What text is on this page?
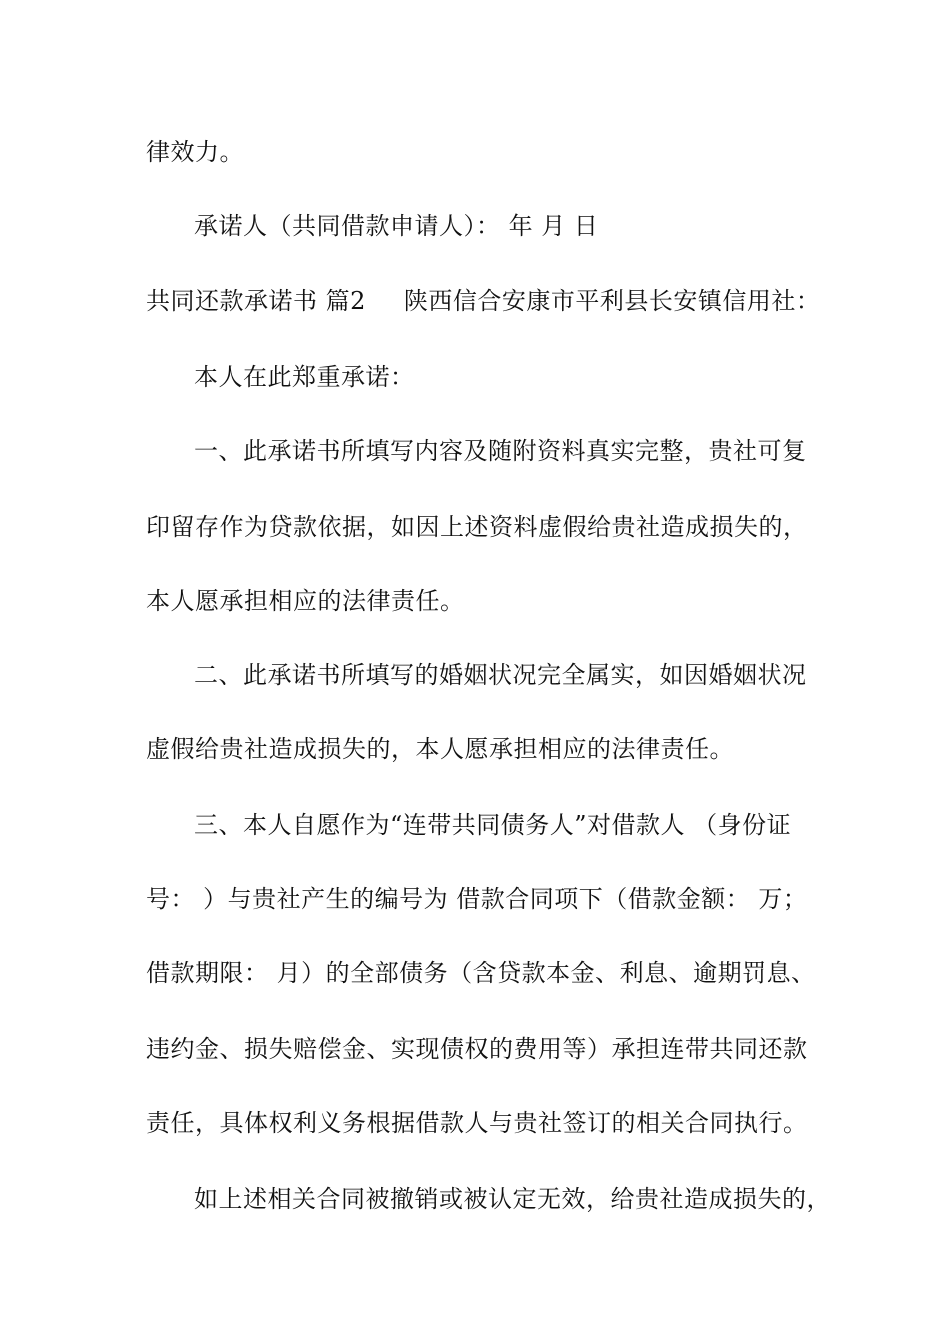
律效力。
承诺人（共同借款申请人）： 年 月 日
共同还款承诺书 篇2 陕西信合安康市平利县长安镇信用社：
本人在此郑重承诺：
一、此承诺书所填写内容及随附资料真实完整，贵社可复
印留存作为贷款依据，如因上述资料虚假给贵社造成损失的，
本人愿承担相应的法律责任。
二、此承诺书所填写的婚姻状况完全属实，如因婚姻状况
虚假给贵社造成损失的，本人愿承担相应的法律责任。
三、本人自愿作为“连带共同债务人”对借款人 （身份证
号： ）与贵社产生的编号为 借款合同项下（借款金额： 万；
借款期限： 月）的全部债务（含贷款本金、利息、逾期罚息、
违约金、损失赔偿金、实现债权的费用等）承担连带共同还款
责任，具体权利义务根据借款人与贵社签订的相关合同执行。
如上述相关合同被撤销或被认定无效，给贵社造成损失的，
